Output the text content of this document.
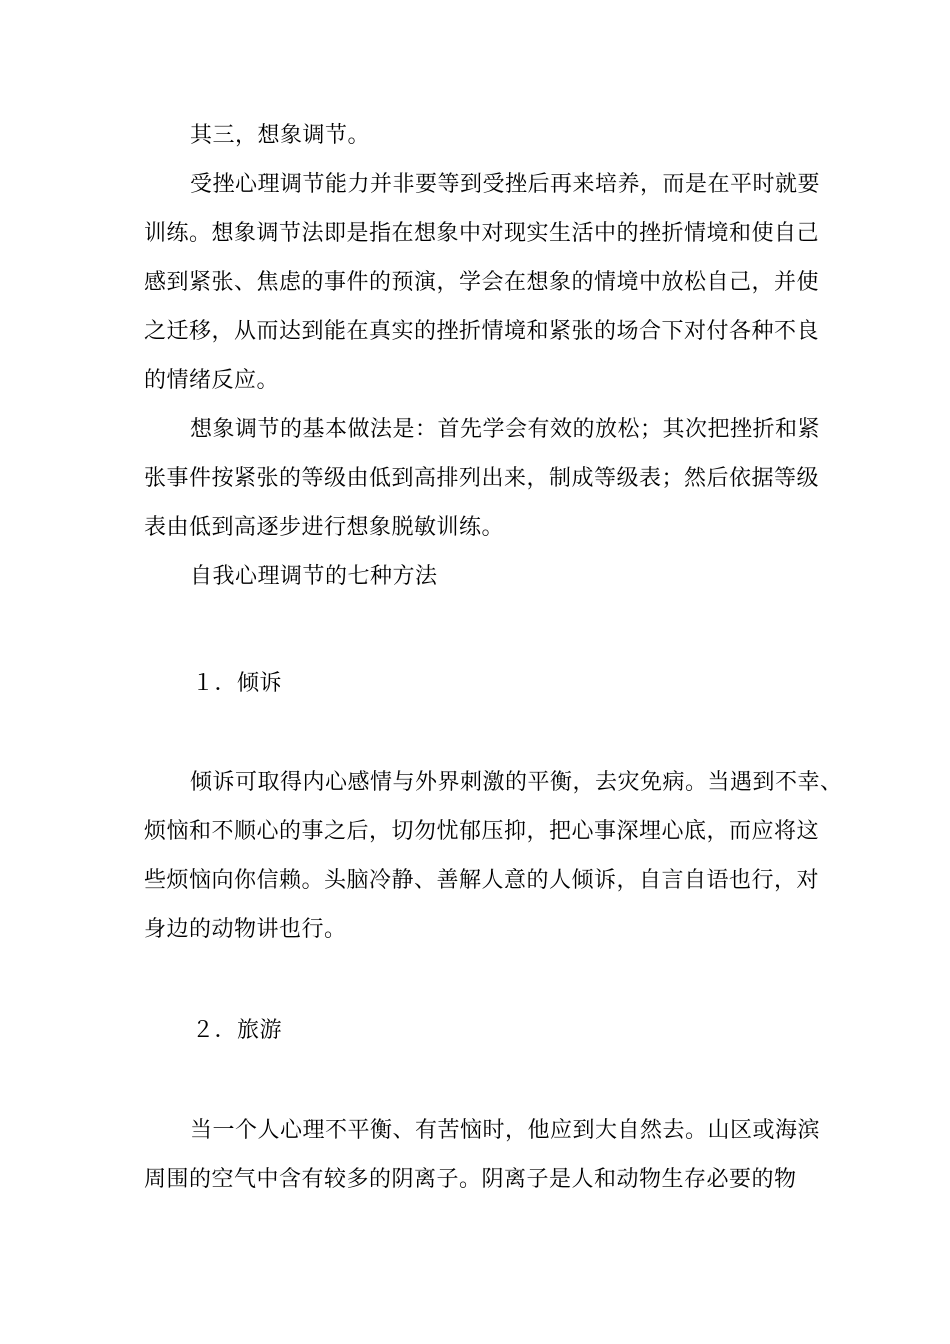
其三，想象调节。
受挫心理调节能力并非要等到受挫后再来培养，而是在平时就要
训练。想象调节法即是指在想象中对现实生活中的挫折情境和使自己
感到紧张、焦虑的事件的预演，学会在想象的情境中放松自己，并使
之迁移，从而达到能在真实的挫折情境和紧张的场合下对付各种不良
的情绪反应。
想象调节的基本做法是：首先学会有效的放松；其次把挫折和紧
张事件按紧张的等级由低到高排列出来，制成等级表；然后依据等级
表由低到高逐步进行想象脱敏训练。
自我心理调节的七种方法
１．倾诉
倾诉可取得内心感情与外界刺激的平衡，去灾免病。当遇到不幸、
烦恼和不顺心的事之后，切勿忧郁压抑，把心事深埋心底，而应将这
些烦恼向你信赖。头脑冷静、善解人意的人倾诉，自言自语也行，对
身边的动物讲也行。
２．旅游
当一个人心理不平衡、有苦恼时，他应到大自然去。山区或海滨
周围的空气中含有较多的阴离子。阴离子是人和动物生存必要的物
